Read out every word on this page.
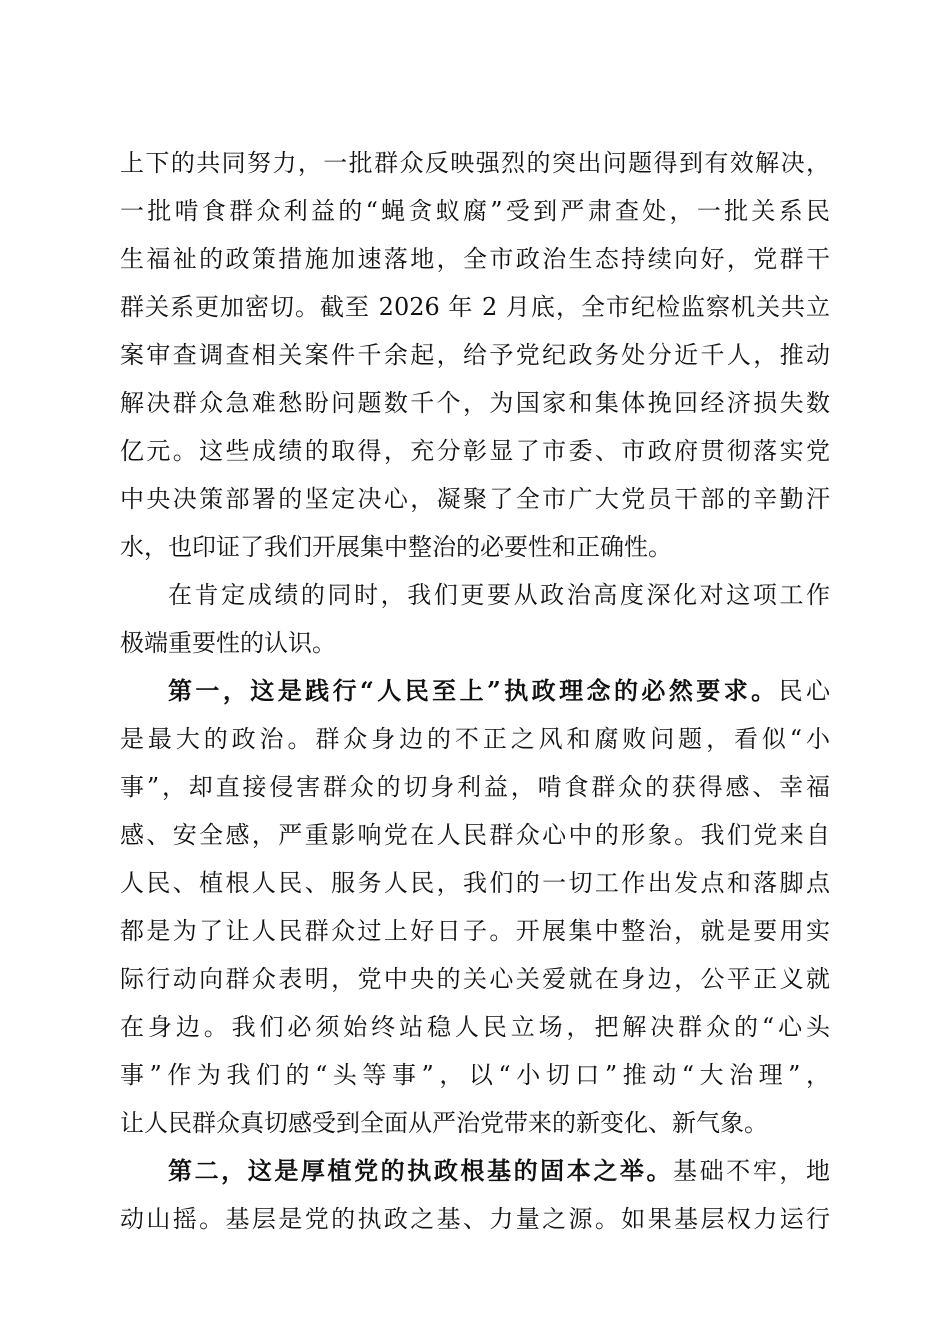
上下的共同努力，一批群众反映强烈的突出问题得到有效解决，
一批啃食群众利益的“蝇贪蚁腐”受到严肃查处，一批关系民
生福祉的政策措施加速落地，全市政治生态持续向好，党群干
群关系更加密切。截至 2026 年 2 月底，全市纪检监察机关共立
案审查调查相关案件千余起，给予党纪政务处分近千人，推动
解决群众急难愁盼问题数千个，为国家和集体挽回经济损失数
亿元。这些成绩的取得，充分彰显了市委、市政府贯彻落实党
中央决策部署的坚定决心，凝聚了全市广大党员干部的辛勤汗
水，也印证了我们开展集中整治的必要性和正确性。
在肯定成绩的同时，我们更要从政治高度深化对这项工作
极端重要性的认识。
第一，这是践行“人民至上”执政理念的必然要求。民心
是最大的政治。群众身边的不正之风和腐败问题，看似“小
事”，却直接侵害群众的切身利益，啃食群众的获得感、幸福
感、安全感，严重影响党在人民群众心中的形象。我们党来自
人民、植根人民、服务人民，我们的一切工作出发点和落脚点
都是为了让人民群众过上好日子。开展集中整治，就是要用实
际行动向群众表明，党中央的关心关爱就在身边，公平正义就
在身边。我们必须始终站稳人民立场，把解决群众的“心头
事”作为我们的“头等事”，以“小切口”推动“大治理”，
让人民群众真切感受到全面从严治党带来的新变化、新气象。
第二，这是厚植党的执政根基的固本之举。基础不牢，地
动山摇。基层是党的执政之基、力量之源。如果基层权力运行
